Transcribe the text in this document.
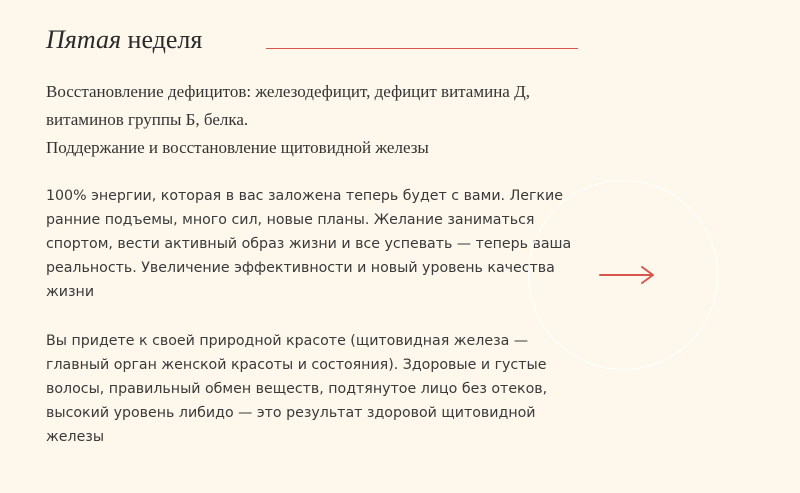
Пятая неделя

Восстановление дефицитов: железодефицит, дефицит витамина Д, витаминов группы Б, белка.

Поддержание и восстановление щитовидной железы

100% энергии, которая в вас заложена теперь будет с вами. Легкие ранние подъемы, много сил, новые планы. Желание заниматься спортом, вести активный образ жизни и все успевать — теперь ваша реальность. Увеличение эффективности и новый уровень качества жизни

Вы придете к своей природной красоте (щитовидная железа — главный орган женской красоты и состояния). Здоровые и густые волосы, правильный обмен веществ, подтянутое лицо без отеков, высокий уровень либидо — это результат здоровой щитовидной железы
